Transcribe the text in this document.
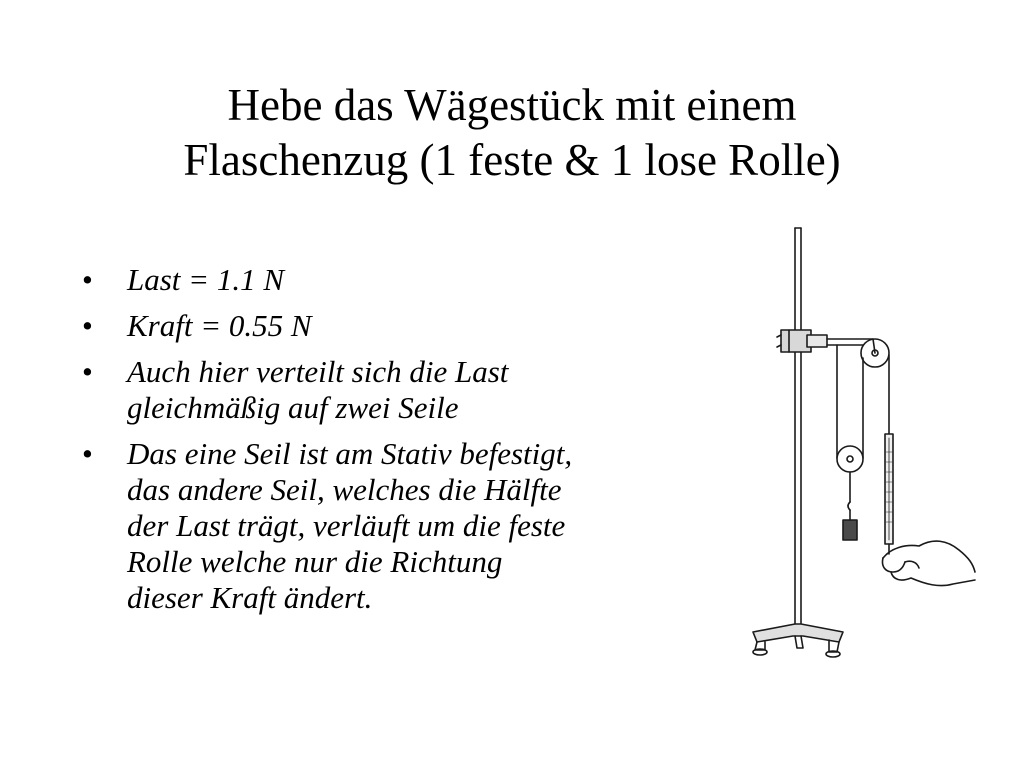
Hebe das Wägestück mit einem
Flaschenzug (1 feste & 1 lose Rolle)
• Last = 1.1 N
• Kraft = 0.55 N
• Auch hier verteilt sich die Last
gleichmäßig auf zwei Seile
• Das eine Seil ist am Stativ befestigt,
das andere Seil, welches die Hälfte
der Last trägt, verläuft um die feste
Rolle welche nur die Richtung
dieser Kraft ändert.
